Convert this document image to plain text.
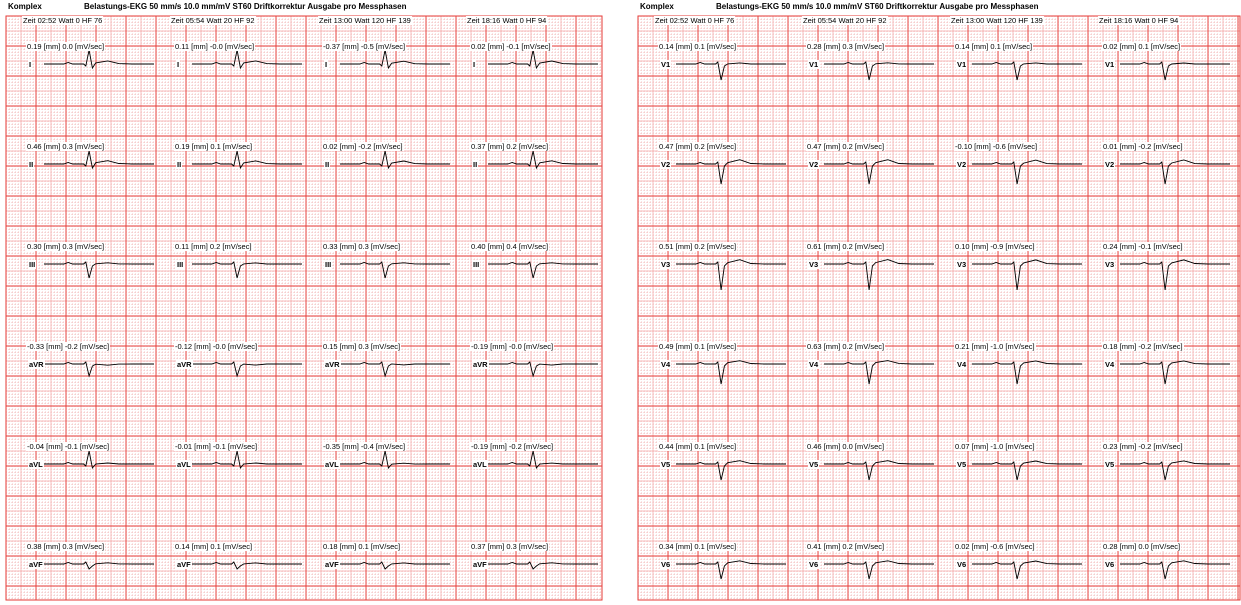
Komplex	Belastungs-EKG 50 mm/s 10.0 mm/mV ST60 Driftkorrektur Ausgabe pro Messphasen
Zeit 02:52 Watt 0 HF 76	Zeit 05:54 Watt 20 HF 92	Zeit 13:00 Watt 120 HF 139	Zeit 18:16 Watt 0 HF 94
0.19 [mm] 0.0 [mV/sec]
I
0.11 [mm] -0.0 [mV/sec]
I
-0.37 [mm] -0.5 [mV/sec]
I
0.02 [mm] -0.1 [mV/sec]
I
0.46 [mm] 0.3 [mV/sec]
II
0.19 [mm] 0.1 [mV/sec]
II
0.02 [mm] -0.2 [mV/sec]
II
0.37 [mm] 0.2 [mV/sec]
II
0.30 [mm] 0.3 [mV/sec]
III
0.11 [mm] 0.2 [mV/sec]
III
0.33 [mm] 0.3 [mV/sec]
III
0.40 [mm] 0.4 [mV/sec]
III
-0.33 [mm] -0.2 [mV/sec]
aVR
-0.12 [mm] -0.0 [mV/sec]
aVR
0.15 [mm] 0.3 [mV/sec]
aVR
-0.19 [mm] -0.0 [mV/sec]
aVR
-0.04 [mm] -0.1 [mV/sec]
aVL
-0.01 [mm] -0.1 [mV/sec]
aVL
-0.35 [mm] -0.4 [mV/sec]
aVL
-0.19 [mm] -0.2 [mV/sec]
aVL
0.38 [mm] 0.3 [mV/sec]
aVF
0.14 [mm] 0.1 [mV/sec]
aVF
0.18 [mm] 0.1 [mV/sec]
aVF
0.37 [mm] 0.3 [mV/sec]
aVF
Komplex	Belastungs-EKG 50 mm/s 10.0 mm/mV ST60 Driftkorrektur Ausgabe pro Messphasen
Zeit 02:52 Watt 0 HF 76	Zeit 05:54 Watt 20 HF 92	Zeit 13:00 Watt 120 HF 139	Zeit 18:16 Watt 0 HF 94
0.14 [mm] 0.1 [mV/sec]
V1
0.28 [mm] 0.3 [mV/sec]
V1
0.14 [mm] 0.1 [mV/sec]
V1
0.02 [mm] 0.1 [mV/sec]
V1
0.47 [mm] 0.2 [mV/sec]
V2
0.47 [mm] 0.2 [mV/sec]
V2
-0.10 [mm] -0.6 [mV/sec]
V2
0.01 [mm] -0.2 [mV/sec]
V2
0.51 [mm] 0.2 [mV/sec]
V3
0.61 [mm] 0.2 [mV/sec]
V3
0.10 [mm] -0.9 [mV/sec]
V3
0.24 [mm] -0.1 [mV/sec]
V3
0.49 [mm] 0.1 [mV/sec]
V4
0.63 [mm] 0.2 [mV/sec]
V4
0.21 [mm] -1.0 [mV/sec]
V4
0.18 [mm] -0.2 [mV/sec]
V4
0.44 [mm] 0.1 [mV/sec]
V5
0.46 [mm] 0.0 [mV/sec]
V5
0.07 [mm] -1.0 [mV/sec]
V5
0.23 [mm] -0.2 [mV/sec]
V5
0.34 [mm] 0.1 [mV/sec]
V6
0.41 [mm] 0.2 [mV/sec]
V6
0.02 [mm] -0.6 [mV/sec]
V6
0.28 [mm] 0.0 [mV/sec]
V6
